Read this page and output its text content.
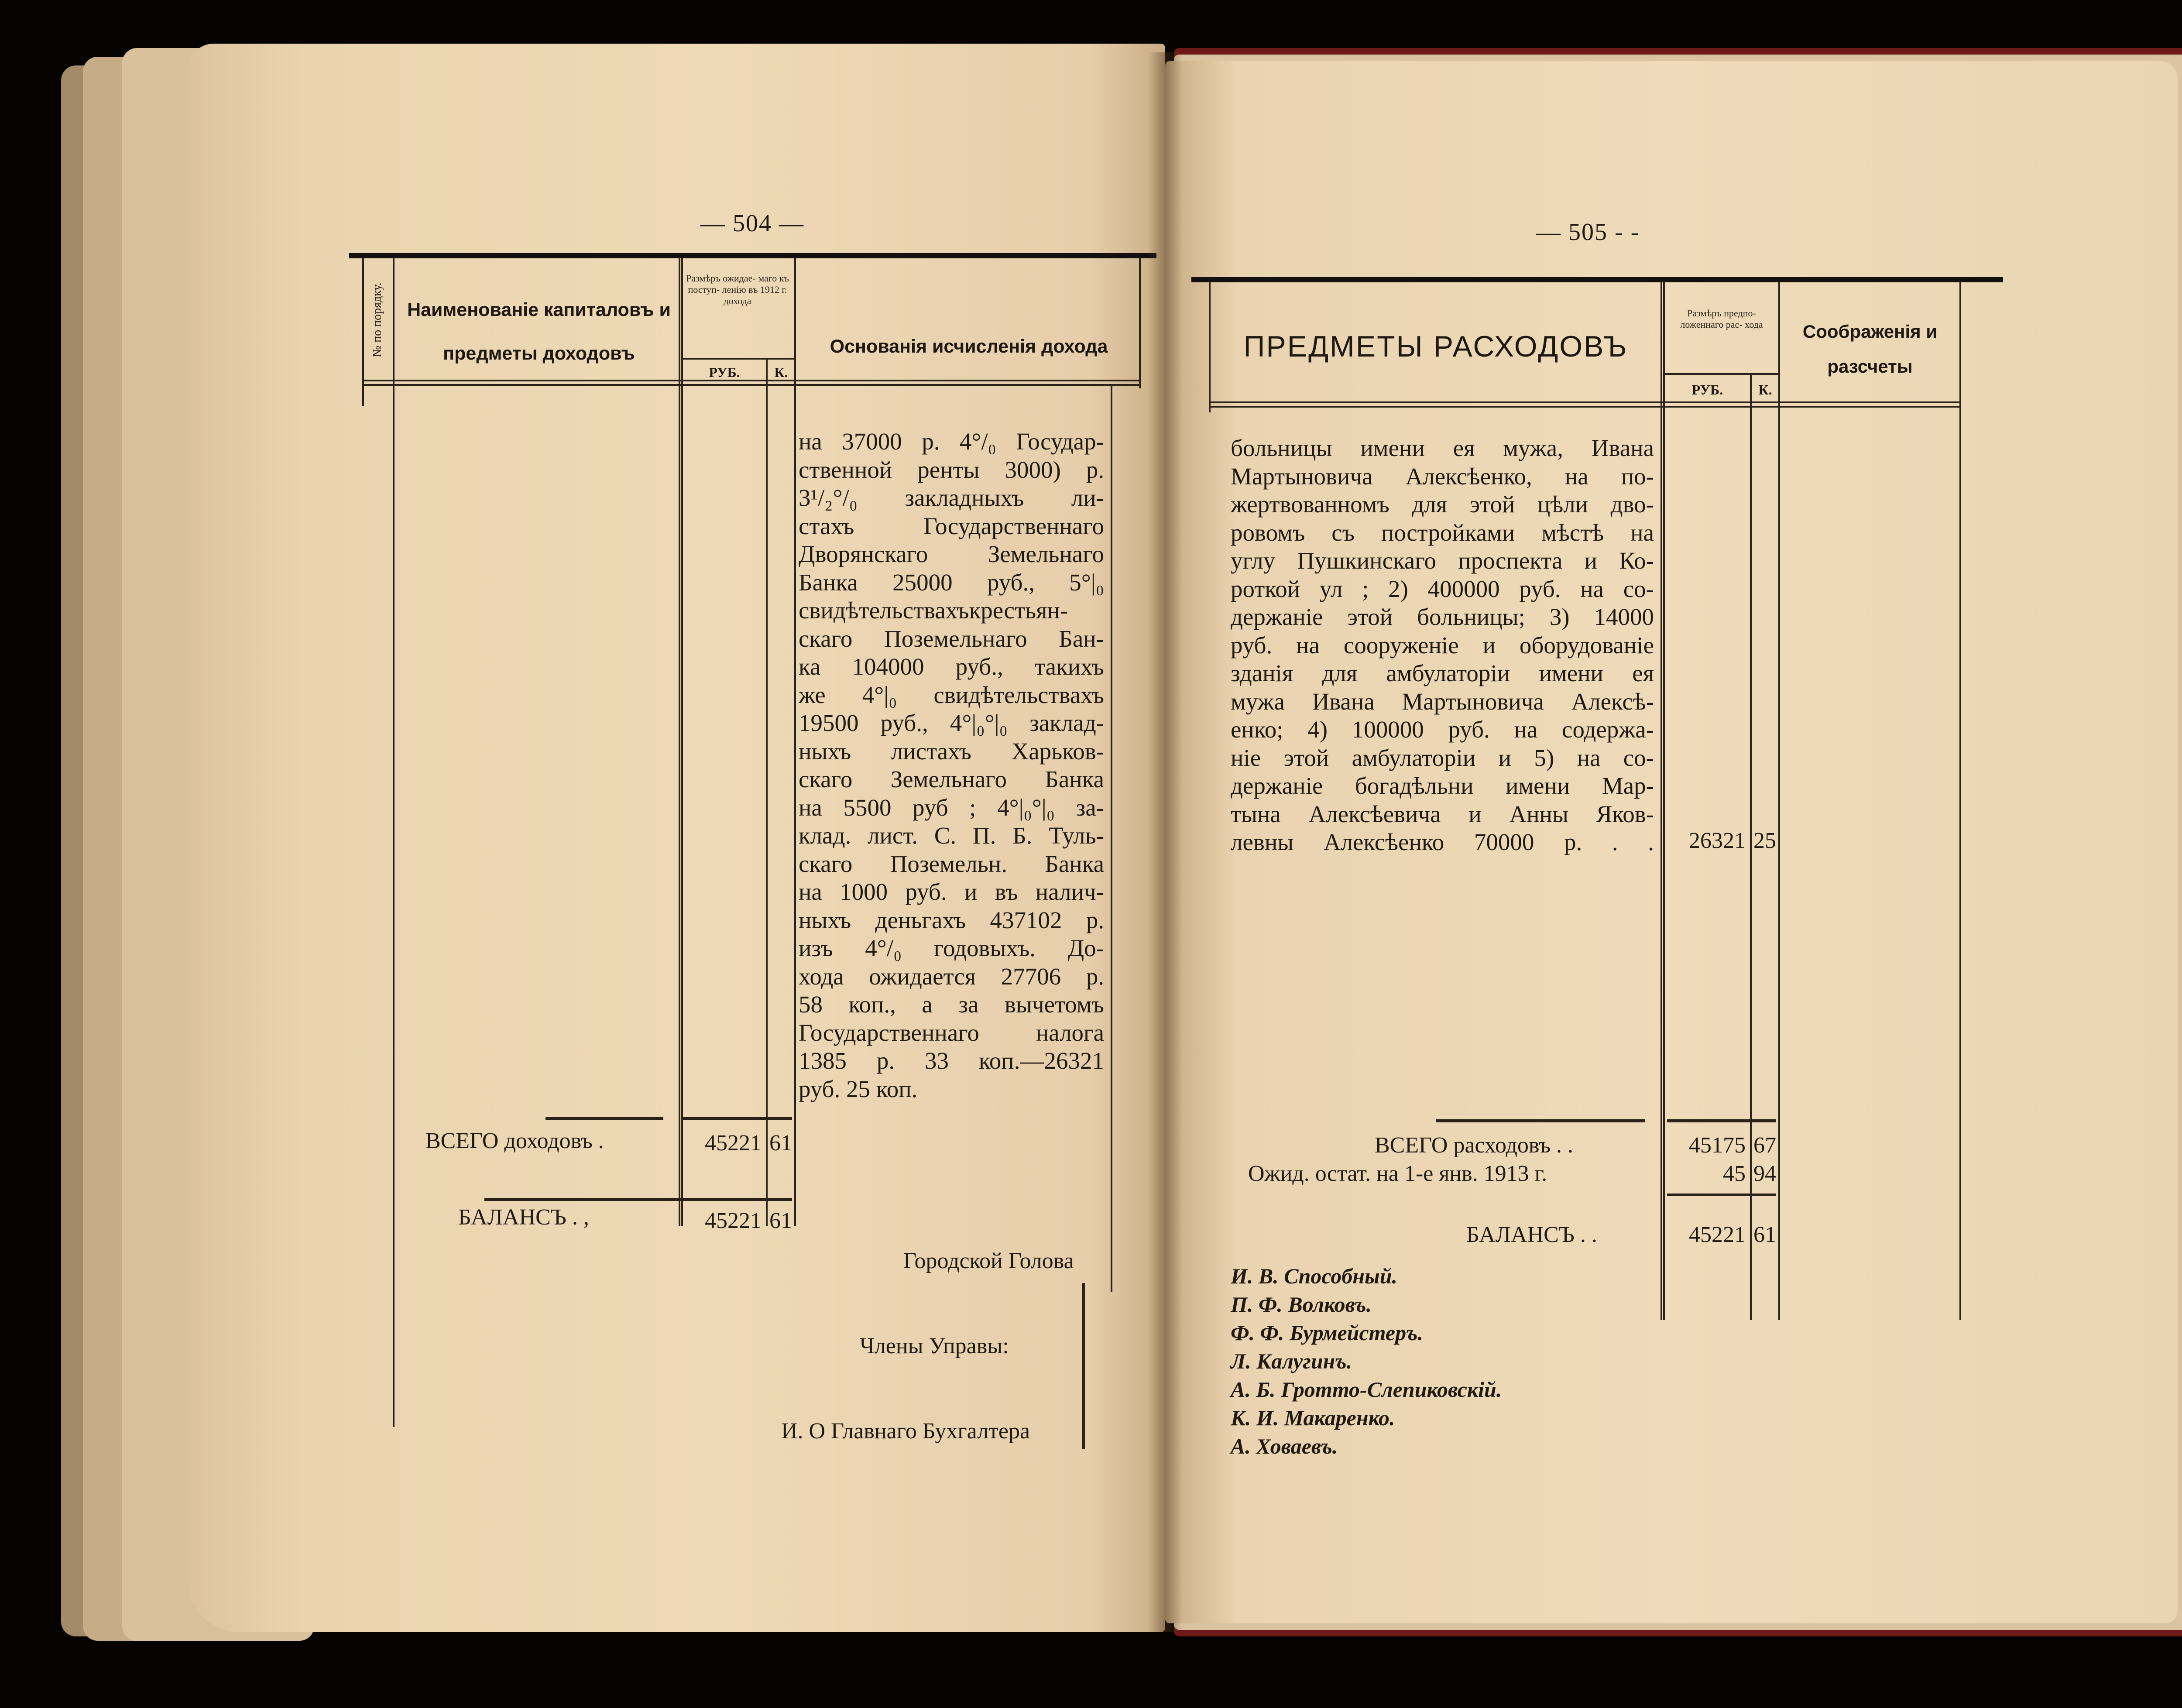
— 504 —
№ по порядку.	Наименованіе капиталовъ и предметы доходовъ
Размѣръ ожидае- маго къ поступ- ленію въ 1912 г. дохода
РУБ.	К.
Основанія исчисленія дохода
на 37000 р. 4°/₀ Государ-
ственной ренты 3000) р.
3¹/₂°/₀ закладныхъ ли-
стахъ Государственнаго
Дворянскаго Земельнаго
Банка 25000 руб., 5°|₀
свидѣтельствахъкрестьян-
скаго Поземельнаго Бан-
ка 104000 руб., такихъ
же 4°|₀ свидѣтельствахъ
19500 руб., 4°|₀°|₀ заклад-
ныхъ листахъ Харьков-
скаго Земельнаго Банка
на 5500 руб ; 4°|₀°|₀ за-
клад. лист. С. П. Б. Туль-
скаго Поземельн. Банка
на 1000 руб. и въ налич-
ныхъ деньгахъ 437102 р.
изъ 4°/₀ годовыхъ. До-
хода ожидается 27706 р.
58 коп., а за вычетомъ
Государственнаго налога
1385 р. 33 коп.—26321
руб. 25 коп.
ВСЕГО доходовъ .	45221 61
БАЛАНСЪ . ,	45221 61
Городской Голова
Члены Управы:
И. О Главнаго Бухгалтера
— 505 - -
ПРЕДМЕТЫ РАСХОДОВЪ
Размѣръ предпо- ложеннаго рас- хода
РУБ.	К.
Соображенія и разсчеты
больницы имени ея мужа, Ивана
Мартыновича Алексѣенко, на по-
жертвованномъ для этой цѣли дво-
ровомъ съ постройками мѣстѣ на
углу Пушкинскаго проспекта и Ко-
роткой ул ; 2) 400000 руб. на со-
держаніе этой больницы; 3) 14000
руб. на сооруженіе и оборудованіе
зданія для амбулаторіи имени ея
мужа Ивана Мартыновича Алексѣ-
енко; 4) 100000 руб. на содержа-
ніе этой амбулаторіи и 5) на со-
держаніе богадѣльни имени Мар-
тына Алексѣевича и Анны Яков-
левны Алексѣенко 70000 р. . .	26321 25
ВСЕГО расходовъ . .	45175 67
Ожид. остат. на 1-е янв. 1913 г.	45 94
БАЛАНСЪ . .	45221 61
И. В. Способный.
П. Ф. Волковъ.
Ф. Ф. Бурмейстеръ.
Л. Калугинъ.
А. Б. Гротто-Слепиковскій.
К. И. Макаренко.
А. Ховаевъ.
